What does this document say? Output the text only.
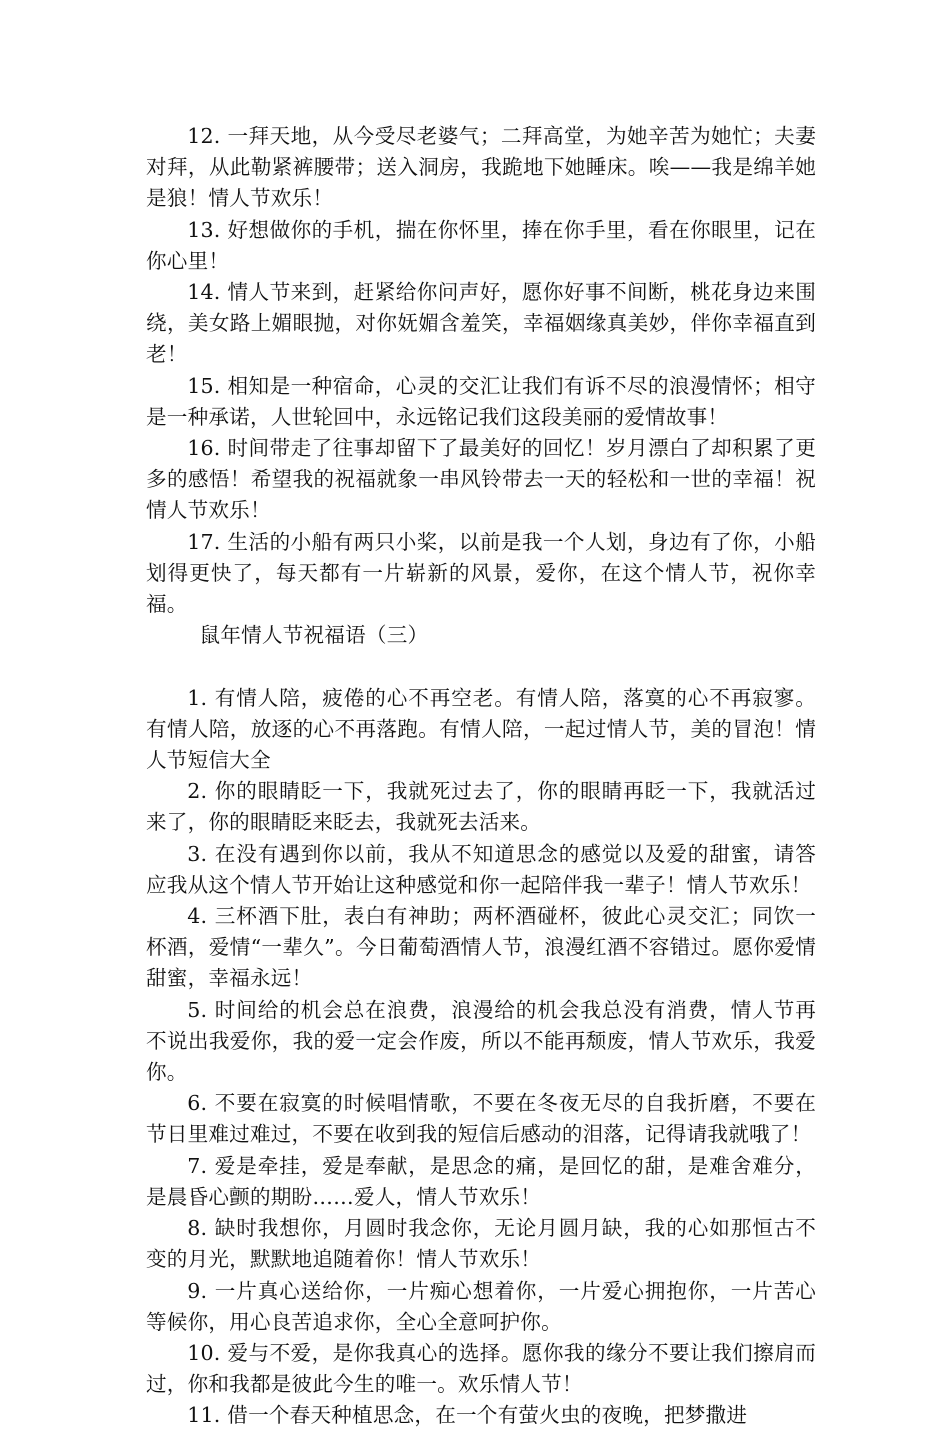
12. 一拜天地，从今受尽老婆气；二拜高堂，为她辛苦为她忙；夫妻对拜，从此勒紧裤腰带；送入洞房，我跪地下她睡床。唉——我是绵羊她是狼！情人节欢乐！

13. 好想做你的手机，揣在你怀里，捧在你手里，看在你眼里，记在你心里！

14. 情人节来到，赶紧给你问声好，愿你好事不间断，桃花身边来围绕，美女路上媚眼抛，对你妩媚含羞笑，幸福姻缘真美妙，伴你幸福直到老！

15. 相知是一种宿命，心灵的交汇让我们有诉不尽的浪漫情怀；相守是一种承诺，人世轮回中，永远铭记我们这段美丽的爱情故事！

16. 时间带走了往事却留下了最美好的回忆！岁月漂白了却积累了更多的感悟！希望我的祝福就象一串风铃带去一天的轻松和一世的幸福！祝情人节欢乐！

17. 生活的小船有两只小桨，以前是我一个人划，身边有了你，小船划得更快了，每天都有一片崭新的风景，爱你，在这个情人节，祝你幸福。

鼠年情人节祝福语（三）

1. 有情人陪，疲倦的心不再空老。有情人陪，落寞的心不再寂寥。有情人陪，放逐的心不再落跑。有情人陪，一起过情人节，美的冒泡！情人节短信大全

2. 你的眼睛眨一下，我就死过去了，你的眼睛再眨一下，我就活过来了，你的眼睛眨来眨去，我就死去活来。

3. 在没有遇到你以前，我从不知道思念的感觉以及爱的甜蜜，请答应我从这个情人节开始让这种感觉和你一起陪伴我一辈子！情人节欢乐！

4. 三杯酒下肚，表白有神助；两杯酒碰杯，彼此心灵交汇；同饮一杯酒，爱情“一辈久”。今日葡萄酒情人节，浪漫红酒不容错过。愿你爱情甜蜜，幸福永远！

5. 时间给的机会总在浪费，浪漫给的机会我总没有消费，情人节再不说出我爱你，我的爱一定会作废，所以不能再颓废，情人节欢乐，我爱你。

6. 不要在寂寞的时候唱情歌，不要在冬夜无尽的自我折磨，不要在节日里难过难过，不要在收到我的短信后感动的泪落，记得请我就哦了！

7. 爱是牵挂，爱是奉献，是思念的痛，是回忆的甜，是难舍难分，是晨昏心颤的期盼……爱人，情人节欢乐！

8. 缺时我想你，月圆时我念你，无论月圆月缺，我的心如那恒古不变的月光，默默地追随着你！情人节欢乐！

9. 一片真心送给你，一片痴心想着你，一片爱心拥抱你，一片苦心等候你，用心良苦追求你，全心全意呵护你。

10. 爱与不爱，是你我真心的选择。愿你我的缘分不要让我们擦肩而过，你和我都是彼此今生的唯一。欢乐情人节！

11. 借一个春天种植思念，在一个有萤火虫的夜晚，把梦撒进
